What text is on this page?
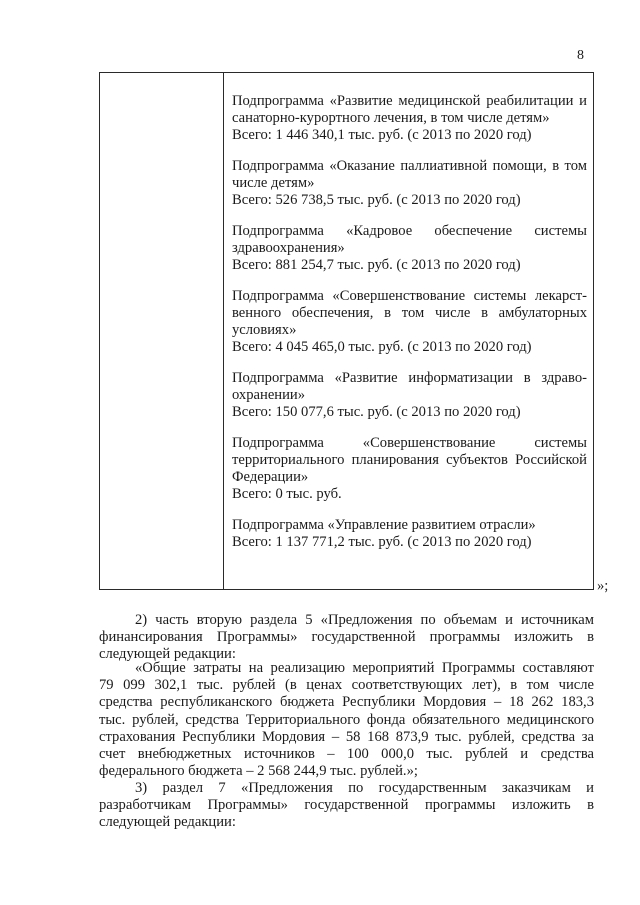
8
Подпрограмма «Развитие медицинской реабилитации и
санаторно-курортного лечения, в том числе детям»
Всего: 1 446 340,1 тыс. руб. (с 2013 по 2020 год)
Подпрограмма «Оказание паллиативной помощи, в том
числе детям»
Всего: 526 738,5 тыс. руб. (с 2013 по 2020 год)
Подпрограмма «Кадровое обеспечение системы
здравоохранения»
Всего: 881 254,7 тыс. руб. (с 2013 по 2020 год)
Подпрограмма «Совершенствование системы лекарст-
венного обеспечения, в том числе в амбулаторных
условиях»
Всего: 4 045 465,0 тыс. руб. (с 2013 по 2020 год)
Подпрограмма «Развитие информатизации в здраво-
охранении»
Всего: 150 077,6 тыс. руб. (с 2013 по 2020 год)
Подпрограмма «Совершенствование системы
территориального планирования субъектов Российской
Федерации»
Всего: 0 тыс. руб.
Подпрограмма «Управление развитием отрасли»
Всего: 1 137 771,2 тыс. руб. (с 2013 по 2020 год)
»;

2) часть вторую раздела 5 «Предложения по объемам и источникам

финансирования Программы» государственной программы изложить в

следующей редакции:

«Общие затраты на реализацию мероприятий Программы составляют

79 099 302,1 тыс. рублей (в ценах соответствующих лет), в том числе

средства республиканского бюджета Республики Мордовия – 18 262 183,3

тыс. рублей, средства Территориального фонда обязательного медицинского

страхования Республики Мордовия – 58 168 873,9 тыс. рублей, средства за

счет внебюджетных источников – 100 000,0 тыс. рублей и средства

федерального бюджета – 2 568 244,9 тыс. рублей.»;

3) раздел 7 «Предложения по государственным заказчикам и

разработчикам Программы» государственной программы изложить в

следующей редакции:
